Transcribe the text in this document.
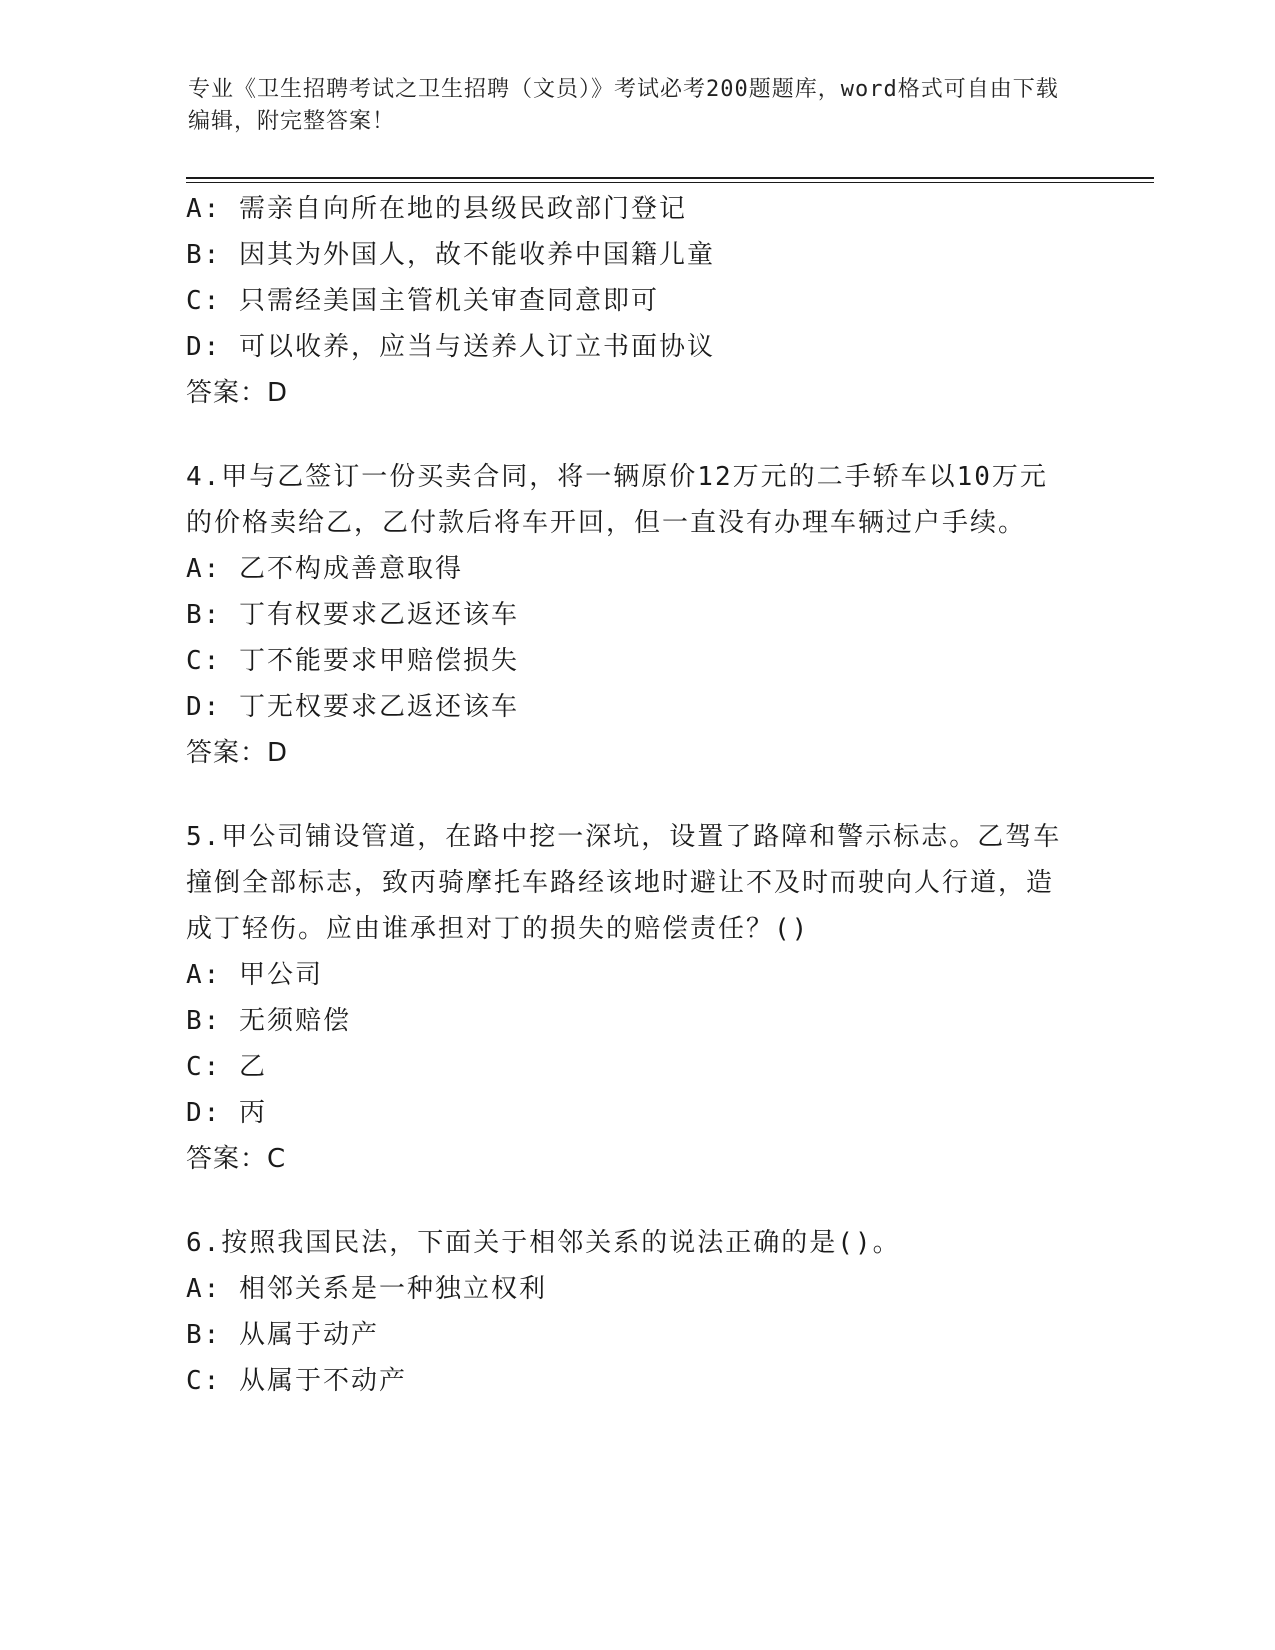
专业《卫生招聘考试之卫生招聘（文员）》考试必考200题题库，word格式可自由下载编辑，附完整答案！
A: 需亲自向所在地的县级民政部门登记
B: 因其为外国人，故不能收养中国籍儿童
C: 只需经美国主管机关审查同意即可
D: 可以收养，应当与送养人订立书面协议
答案：D

4.甲与乙签订一份买卖合同，将一辆原价12万元的二手轿车以10万元的价格卖给乙，乙付款后将车开回，但一直没有办理车辆过户手续。

A: 乙不构成善意取得
B: 丁有权要求乙返还该车
C: 丁不能要求甲赔偿损失
D: 丁无权要求乙返还该车
答案：D

5.甲公司铺设管道，在路中挖一深坑，设置了路障和警示标志。乙驾车撞倒全部标志，致丙骑摩托车路经该地时避让不及时而驶向人行道，造成丁轻伤。应由谁承担对丁的损失的赔偿责任？()

A: 甲公司
B: 无须赔偿
C: 乙
D: 丙
答案：C

6.按照我国民法，下面关于相邻关系的说法正确的是()。

A: 相邻关系是一种独立权利
B: 从属于动产
C: 从属于不动产
